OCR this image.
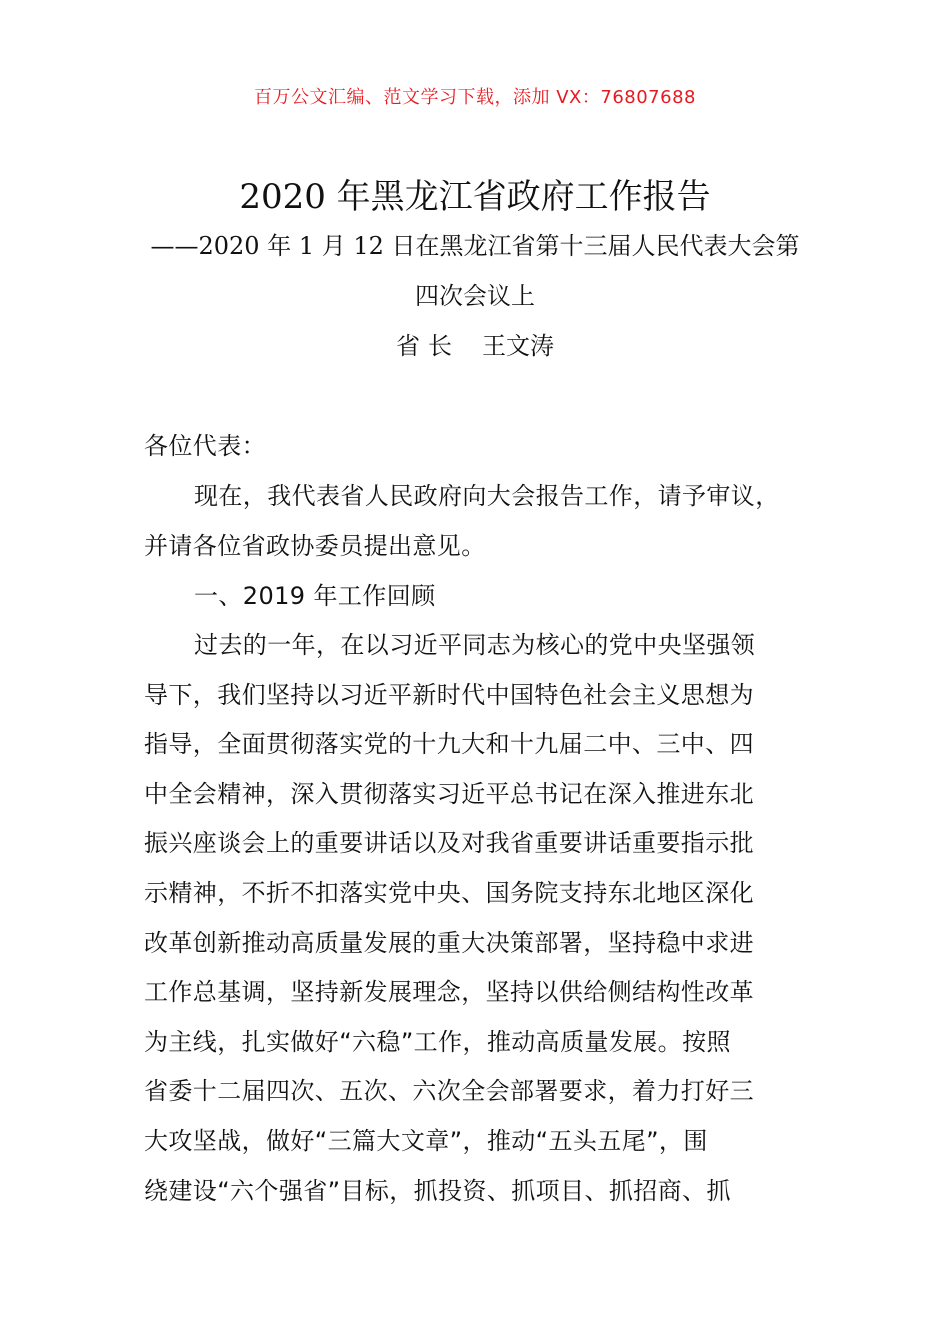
百万公文汇编、范文学习下载，添加 VX：76807688
2020 年黑龙江省政府工作报告
——2020 年 1 月 12 日在黑龙江省第十三届人民代表大会第
四次会议上
省长 王文涛
各位代表：
现在，我代表省人民政府向大会报告工作，请予审议，
并请各位省政协委员提出意见。
一、2019 年工作回顾
过去的一年，在以习近平同志为核心的党中央坚强领
导下，我们坚持以习近平新时代中国特色社会主义思想为
指导，全面贯彻落实党的十九大和十九届二中、三中、四
中全会精神，深入贯彻落实习近平总书记在深入推进东北
振兴座谈会上的重要讲话以及对我省重要讲话重要指示批
示精神，不折不扣落实党中央、国务院支持东北地区深化
改革创新推动高质量发展的重大决策部署，坚持稳中求进
工作总基调，坚持新发展理念，坚持以供给侧结构性改革
为主线，扎实做好“六稳”工作，推动高质量发展。按照
省委十二届四次、五次、六次全会部署要求，着力打好三
大攻坚战，做好“三篇大文章”，推动“五头五尾”，围
绕建设“六个强省”目标，抓投资、抓项目、抓招商、抓
